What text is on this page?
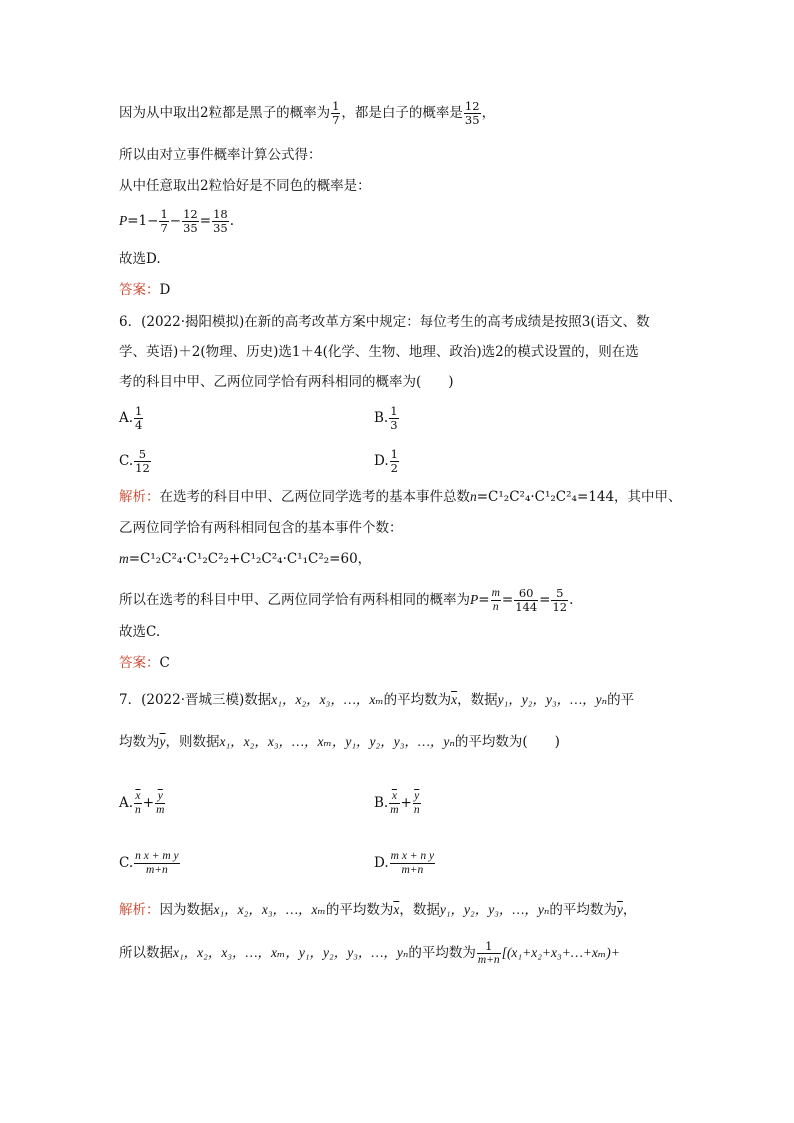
因为从中取出2粒都是黑子的概率为 $\frac{1}{7}$ ，都是白子的概率是 $\frac{12}{35}$ ，
所以由对立事件概率计算公式得：
从中任意取出2粒恰好是不同色的概率是：
$P=1- \frac{1}{7} - \frac{12}{35} = \frac{18}{35}$ .
故选D.
答案：D
6．(2022·揭阳模拟)在新的高考改革方案中规定：每位考生的高考成绩是按照3(语文、数
学、英语)＋2(物理、历史)选1＋4(化学、生物、地理、政治)选2的模式设置的，则在选
考的科目中甲、乙两位同学恰有两科相同的概率为(　　)
A. $\frac{1}{4}$	B. $\frac{1}{3}$
C. $\frac{5}{12}$	D. $\frac{1}{2}$
解析：在选考的科目中甲、乙两位同学选考的基本事件总数n=C¹₂C²₄·C¹₂C²₄=144，其中甲、
乙两位同学恰有两科相同包含的基本事件个数：
m=C¹₂C²₄·C¹₂C²₂+C¹₂C²₄·C¹₁C²₂=60，
所以在选考的科目中甲、乙两位同学恰有两科相同的概率为$P= \frac{m}{n} = \frac{60}{144} = \frac{5}{12}$ .
故选C.
答案：C
7．(2022·晋城三模)数据x₁，x₂，x₃，…，xₘ的平均数为$\overline{x}$，数据y₁，y₂，y₃，…，yₙ的平
均数为$\overline{y}$，则数据x₁，x₂，x₃，…，xₘ，y₁，y₂，y₃，…，yₙ的平均数为(　　)
A. $\frac{\overline{x}}{n} + \frac{\overline{y}}{m}$	B. $\frac{\overline{x}}{m} + \frac{\overline{y}}{n}$
C. $\frac{\text{n x + m y}}{m+n}$	D. $\frac{\text{m x + n y}}{m+n}$
解析：因为数据x₁，x₂，x₃，…，xₘ的平均数为$\overline{x}$，数据y₁，y₂，y₃，…，yₙ的平均数为$\overline{y}$，
所以数据x₁，x₂，x₃，…，xₘ，y₁，y₂，y₃，…，yₙ的平均数为 $\frac{1}{m+n}$ [(x₁+x₂+x₃+…+xₘ)+
